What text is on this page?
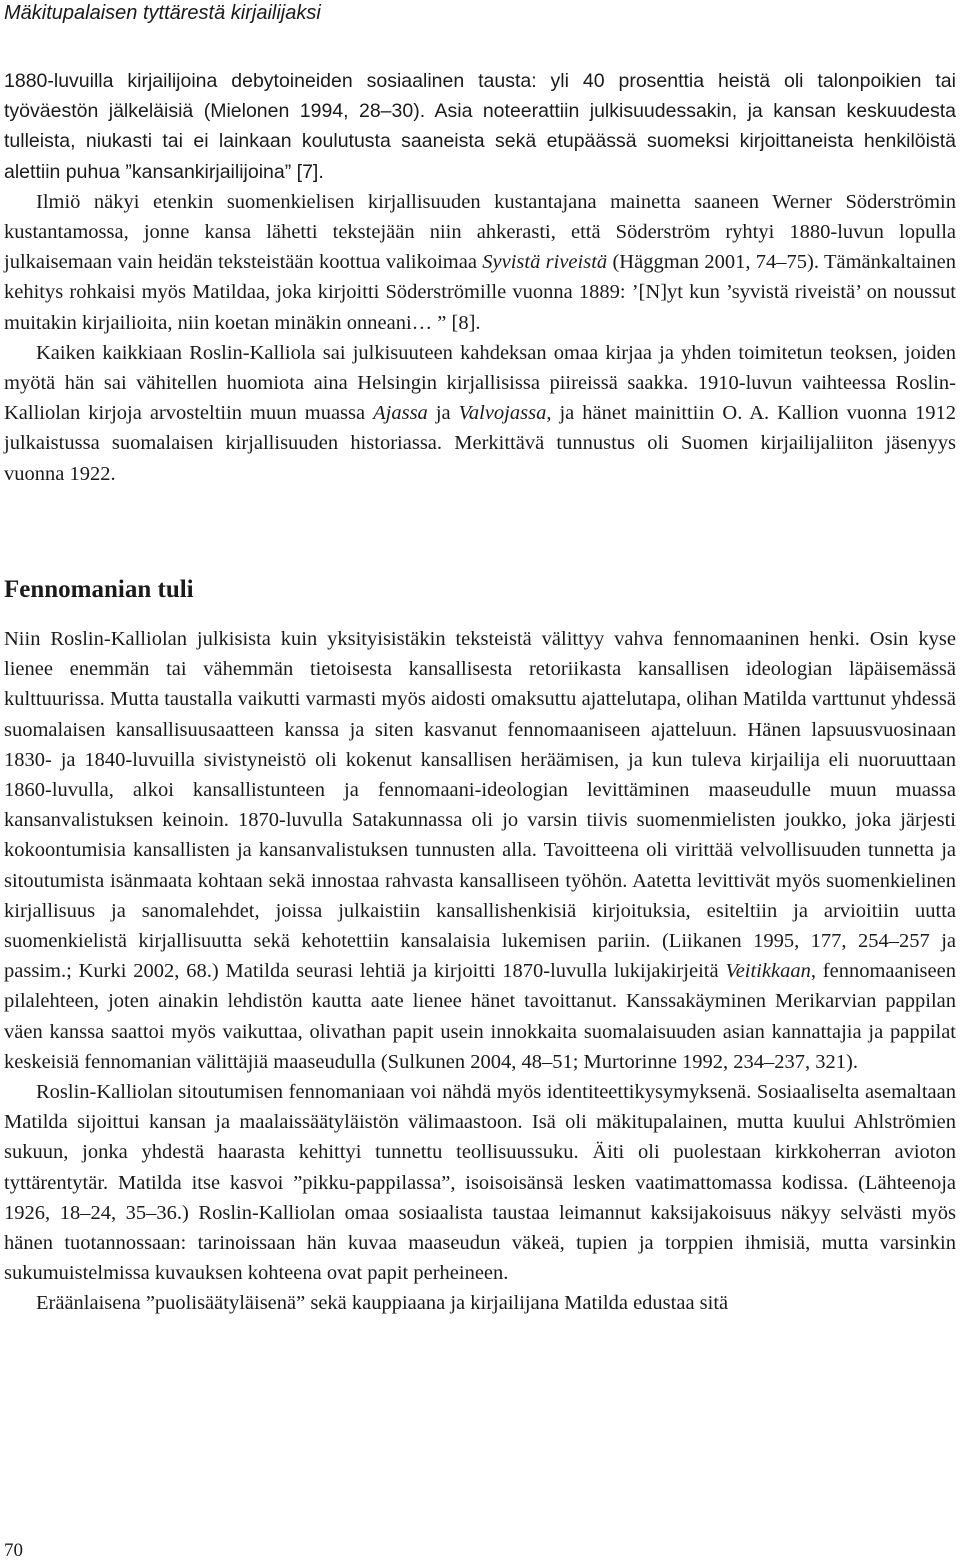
Mäkitupalaisen tyttärestä kirjailijaksi

1880-luvuilla kirjailijoina debytoineiden sosiaalinen tausta: yli 40 prosenttia heistä oli talonpoikien tai työväestön jälkeläisiä (Mielonen 1994, 28–30). Asia noteerattiin julkisuudessakin, ja kansan keskuudesta tulleista, niukasti tai ei lainkaan koulutusta saaneista sekä etupäässä suomeksi kirjoittaneista henkilöistä alettiin puhua ”kansankirjailijoina” [7].

Ilmiö näkyi etenkin suomenkielisen kirjallisuuden kustantajana mainetta saaneen Werner Söderströmin kustantamossa, jonne kansa lähetti tekstejään niin ahkerasti, että Söderström ryhtyi 1880-luvun lopulla julkaisemaan vain heidän teksteistään koottua valikoimaa Syvistä riveistä (Häggman 2001, 74–75). Tämänkaltainen kehitys rohkaisi myös Matildaa, joka kirjoitti Söderströmille vuonna 1889: ’[N]yt kun ’syvistä riveistä’ on noussut muitakin kirjailioita, niin koetan minäkin onneani… ” [8].

Kaiken kaikkiaan Roslin-Kalliola sai julkisuuteen kahdeksan omaa kirjaa ja yhden toimitetun teoksen, joiden myötä hän sai vähitellen huomiota aina Helsingin kirjallisissa piireissä saakka. 1910-luvun vaihteessa Roslin-Kalliolan kirjoja arvosteltiin muun muassa Ajassa ja Valvojassa, ja hänet mainittiin O. A. Kallion vuonna 1912 julkaistussa suomalaisen kirjallisuuden historiassa. Merkittävä tunnustus oli Suomen kirjailijaliiton jäsenyys vuonna 1922.

Fennomanian tuli

Niin Roslin-Kalliolan julkisista kuin yksityisistäkin teksteistä välittyy vahva fennomaaninen henki. Osin kyse lienee enemmän tai vähemmän tietoisesta kansallisesta retoriikasta kansallisen ideologian läpäisemässä kulttuurissa. Mutta taustalla vaikutti varmasti myös aidosti omaksuttu ajattelutapa, olihan Matilda varttunut yhdessä suomalaisen kansallisuusaatteen kanssa ja siten kasvanut fennomaaniseen ajatteluun. Hänen lapsuusvuosinaan 1830- ja 1840-luvuilla sivistyneistö oli kokenut kansallisen heräämisen, ja kun tuleva kirjailija eli nuoruuttaan 1860-luvulla, alkoi kansallistunteen ja fennomaani-ideologian levittäminen maaseudulle muun muassa kansanvalistuksen keinoin. 1870-luvulla Satakunnassa oli jo varsin tiivis suomenmielisten joukko, joka järjesti kokoontumisia kansallisten ja kansanvalistuksen tunnusten alla. Tavoitteena oli virittää velvollisuuden tunnetta ja sitoutumista isänmaata kohtaan sekä innostaa rahvasta kansalliseen työhön. Aatetta levittivät myös suomenkielinen kirjallisuus ja sanomalehdet, joissa julkaistiin kansallishenkisiä kirjoituksia, esiteltiin ja arvioitiin uutta suomenkielistä kirjallisuutta sekä kehotettiin kansalaisia lukemisen pariin. (Liikanen 1995, 177, 254–257 ja passim.; Kurki 2002, 68.) Matilda seurasi lehtiä ja kirjoitti 1870-luvulla lukijakirjeitä Veitikkaan, fennomaaniseen pilalehteen, joten ainakin lehdistön kautta aate lienee hänet tavoittanut. Kanssakäyminen Merikarvian pappilan väen kanssa saattoi myös vaikuttaa, olivathan papit usein innokkaita suomalaisuuden asian kannattajia ja pappilat keskeisiä fennomanian välittäjiä maaseudulla (Sulkunen 2004, 48–51; Murtorinne 1992, 234–237, 321).

Roslin-Kalliolan sitoutumisen fennomaniaan voi nähdä myös identiteettikysymyksenä. Sosiaaliselta asemaltaan Matilda sijoittui kansan ja maalaissäätyläistön välimaastoon. Isä oli mäkitupalainen, mutta kuului Ahlströmien sukuun, jonka yhdestä haarasta kehittyi tunnettu teollisuussuku. Äiti oli puolestaan kirkkoherran avioton tyttärentytär. Matilda itse kasvoi ”pikku-pappilassa”, isoisoisänsä lesken vaatimattomassa kodissa. (Lähteenoja 1926, 18–24, 35–36.) Roslin-Kalliolan omaa sosiaalista taustaa leimannut kaksijakoisuus näkyy selvästi myös hänen tuotannossaan: tarinoissaan hän kuvaa maaseudun väkeä, tupien ja torppien ihmisiä, mutta varsinkin sukumuistelmissa kuvauksen kohteena ovat papit perheineen.

Eräänlaisena ”puolisäätyläisenä” sekä kauppiaana ja kirjailijana Matilda edustaa sitä

70
